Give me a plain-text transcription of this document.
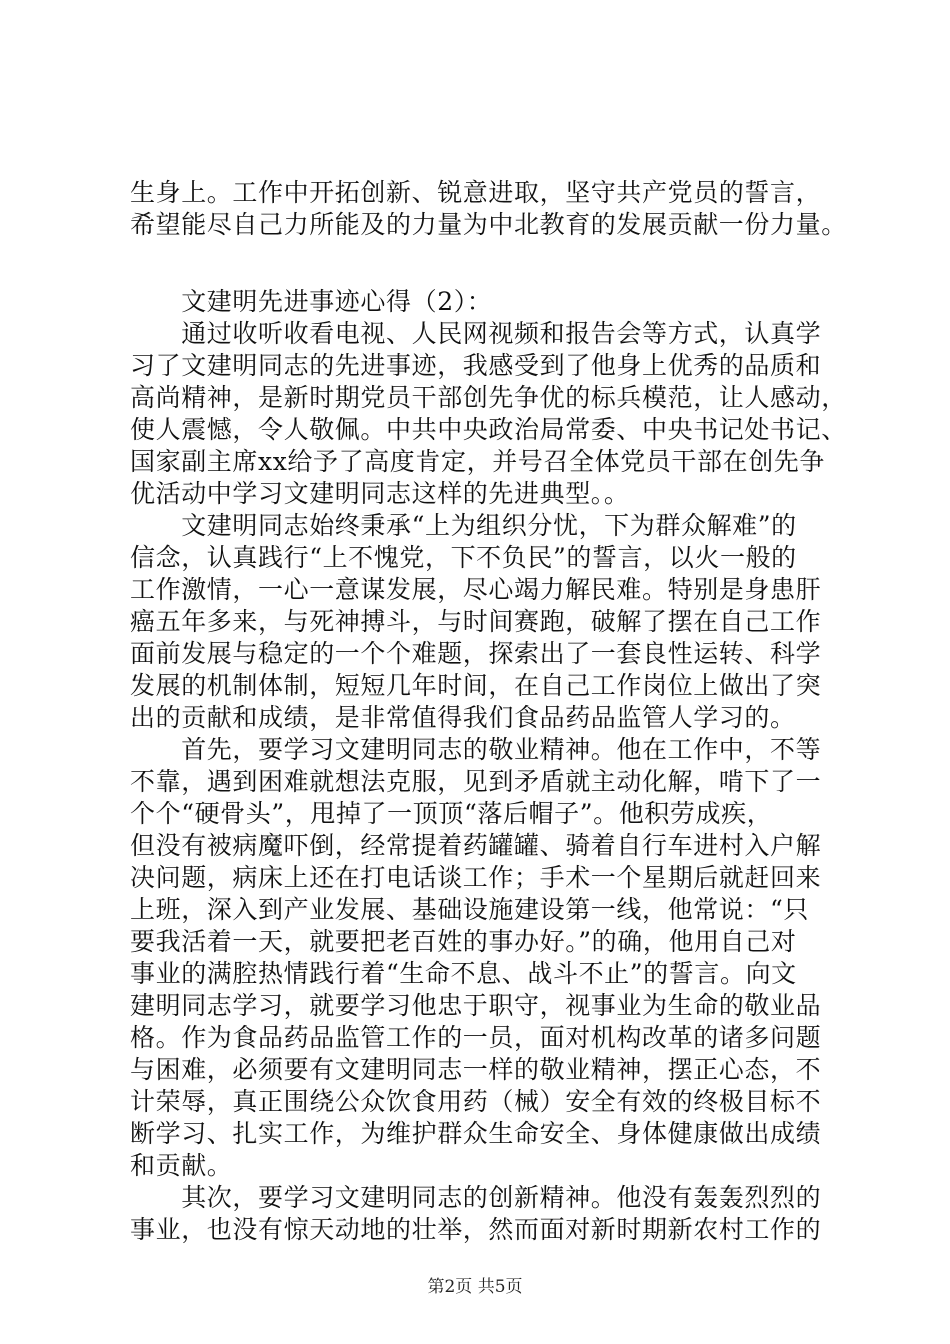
生身上。工作中开拓创新、锐意进取，坚守共产党员的誓言，
希望能尽自己力所能及的力量为中北教育的发展贡献一份力量。
　　文建明先进事迹心得（2）：
　　通过收听收看电视、人民网视频和报告会等方式，认真学
习了文建明同志的先进事迹，我感受到了他身上优秀的品质和
高尚精神，是新时期党员干部创先争优的标兵模范，让人感动，
使人震憾，令人敬佩。中共中央政治局常委、中央书记处书记、
国家副主席xx给予了高度肯定，并号召全体党员干部在创先争
优活动中学习文建明同志这样的先进典型。。
　　文建明同志始终秉承“上为组织分忧，下为群众解难”的
信念，认真践行“上不愧党，下不负民”的誓言，以火一般的
工作激情，一心一意谋发展，尽心竭力解民难。特别是身患肝
癌五年多来，与死神搏斗，与时间赛跑，破解了摆在自己工作
面前发展与稳定的一个个难题，探索出了一套良性运转、科学
发展的机制体制，短短几年时间，在自己工作岗位上做出了突
出的贡献和成绩，是非常值得我们食品药品监管人学习的。
　　首先，要学习文建明同志的敬业精神。他在工作中，不等
不靠，遇到困难就想法克服，见到矛盾就主动化解，啃下了一
个个“硬骨头”，甩掉了一顶顶“落后帽子”。他积劳成疾，
但没有被病魔吓倒，经常提着药罐罐、骑着自行车进村入户解
决问题，病床上还在打电话谈工作；手术一个星期后就赶回来
上班，深入到产业发展、基础设施建设第一线，他常说：“只
要我活着一天，就要把老百姓的事办好。”的确，他用自己对
事业的满腔热情践行着“生命不息、战斗不止”的誓言。向文
建明同志学习，就要学习他忠于职守，视事业为生命的敬业品
格。作为食品药品监管工作的一员，面对机构改革的诸多问题
与困难，必须要有文建明同志一样的敬业精神，摆正心态，不
计荣辱，真正围绕公众饮食用药（械）安全有效的终极目标不
断学习、扎实工作，为维护群众生命安全、身体健康做出成绩
和贡献。
　　其次，要学习文建明同志的创新精神。他没有轰轰烈烈的
事业，也没有惊天动地的壮举，然而面对新时期新农村工作的
第2页 共5页
